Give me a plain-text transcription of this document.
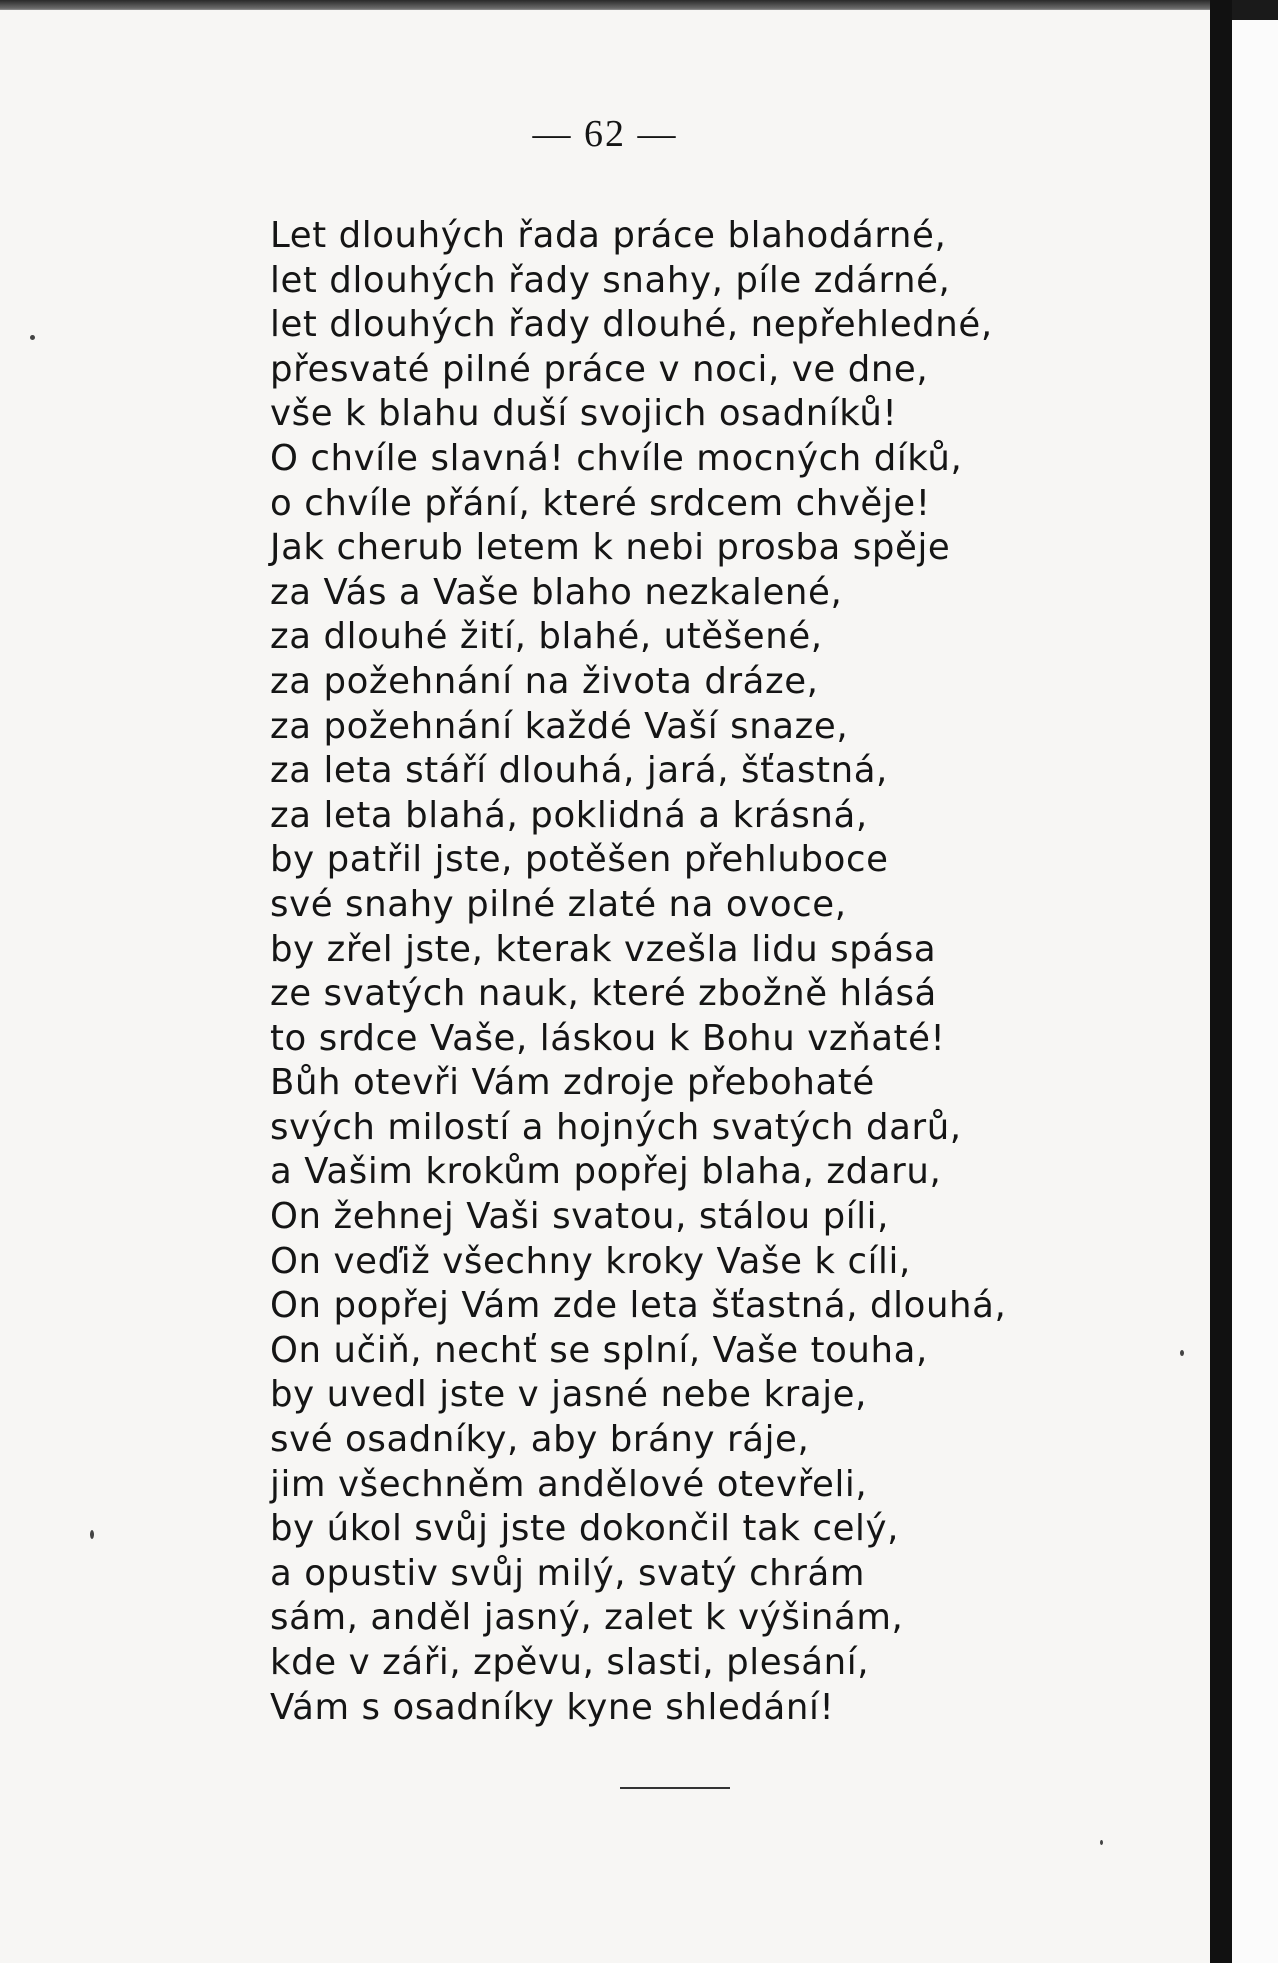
— 62 —
Let dlouhých řada práce blahodárné,
let dlouhých řady snahy, píle zdárné,
let dlouhých řady dlouhé, nepřehledné,
přesvaté pilné práce v noci, ve dne,
vše k blahu duší svojich osadníků!
O chvíle slavná! chvíle mocných díků,
o chvíle přání, které srdcem chvěje!
Jak cherub letem k nebi prosba spěje
za Vás a Vaše blaho nezkalené,
za dlouhé žití, blahé, utěšené,
za požehnání na života dráze,
za požehnání každé Vaší snaze,
za leta stáří dlouhá, jará, šťastná,
za leta blahá, poklidná a krásná,
by patřil jste, potěšen přehluboce
své snahy pilné zlaté na ovoce,
by zřel jste, kterak vzešla lidu spása
ze svatých nauk, které zbožně hlásá
to srdce Vaše, láskou k Bohu vzňaté!
Bůh otevři Vám zdroje přebohaté
svých milostí a hojných svatých darů,
a Vašim krokům popřej blaha, zdaru,
On žehnej Vaši svatou, stálou píli,
On veďiž všechny kroky Vaše k cíli,
On popřej Vám zde leta šťastná, dlouhá,
On učiň, nechť se splní, Vaše touha,
by uvedl jste v jasné nebe kraje,
své osadníky, aby brány ráje,
jim všechněm andělové otevřeli,
by úkol svůj jste dokončil tak celý,
a opustiv svůj milý, svatý chrám
sám, anděl jasný, zalet k výšinám,
kde v záři, zpěvu, slasti, plesání,
Vám s osadníky kyne shledání!
